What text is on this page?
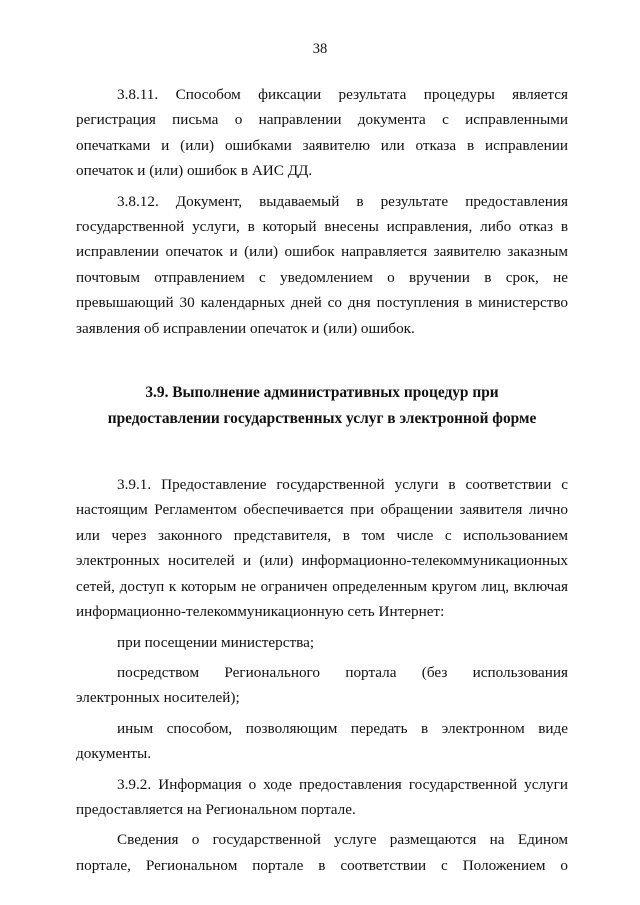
38

3.8.11. Способом фиксации результата процедуры является регистрация письма о направлении документа с исправленными опечатками и (или) ошибками заявителю или отказа в исправлении опечаток и (или) ошибок в АИС ДД.

3.8.12. Документ, выдаваемый в результате предоставления государственной услуги, в который внесены исправления, либо отказ в исправлении опечаток и (или) ошибок направляется заявителю заказным почтовым отправлением с уведомлением о вручении в срок, не превышающий 30 календарных дней со дня поступления в министерство заявления об исправлении опечаток и (или) ошибок.

3.9. Выполнение административных процедур при

предоставлении государственных услуг в электронной форме

3.9.1. Предоставление государственной услуги в соответствии с настоящим Регламентом обеспечивается при обращении заявителя лично или через законного представителя, в том числе с использованием электронных носителей и (или) информационно-телекоммуникационных сетей, доступ к которым не ограничен определенным кругом лиц, включая информационно-телекоммуникационную сеть Интернет:

при посещении министерства;

посредством Регионального портала (без использования электронных носителей);

иным способом, позволяющим передать в электронном виде документы.

3.9.2. Информация о ходе предоставления государственной услуги предоставляется на Региональном портале.

Сведения о государственной услуге размещаются на Едином портале, Региональном портале в соответствии с Положением о
